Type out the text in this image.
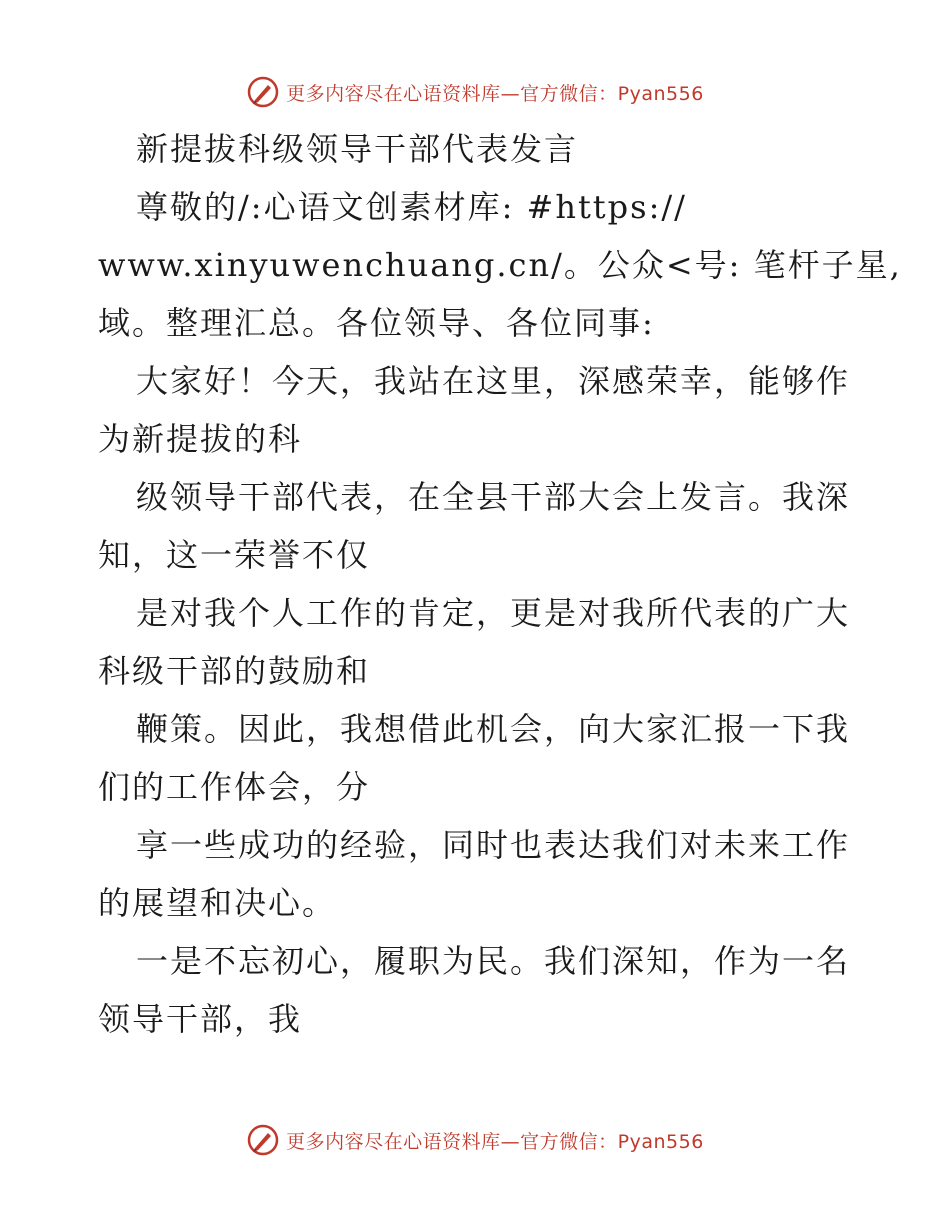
更多内容尽在心语资料库—官方微信：Pyan556
新提拔科级领导干部代表发言
尊敬的/:心语文创素材库: #https://
www.xinyuwenchuang.cn/。公众<号: 笔杆子星,
域。整理汇总。各位领导、各位同事:
大家好！今天，我站在这里，深感荣幸，能够作
为新提拔的科
级领导干部代表，在全县干部大会上发言。我深
知，这一荣誉不仅
是对我个人工作的肯定，更是对我所代表的广大
科级干部的鼓励和
鞭策。因此，我想借此机会，向大家汇报一下我
们的工作体会，分
享一些成功的经验，同时也表达我们对未来工作
的展望和决心。
一是不忘初心，履职为民。我们深知，作为一名
领导干部，我
更多内容尽在心语资料库—官方微信：Pyan556
